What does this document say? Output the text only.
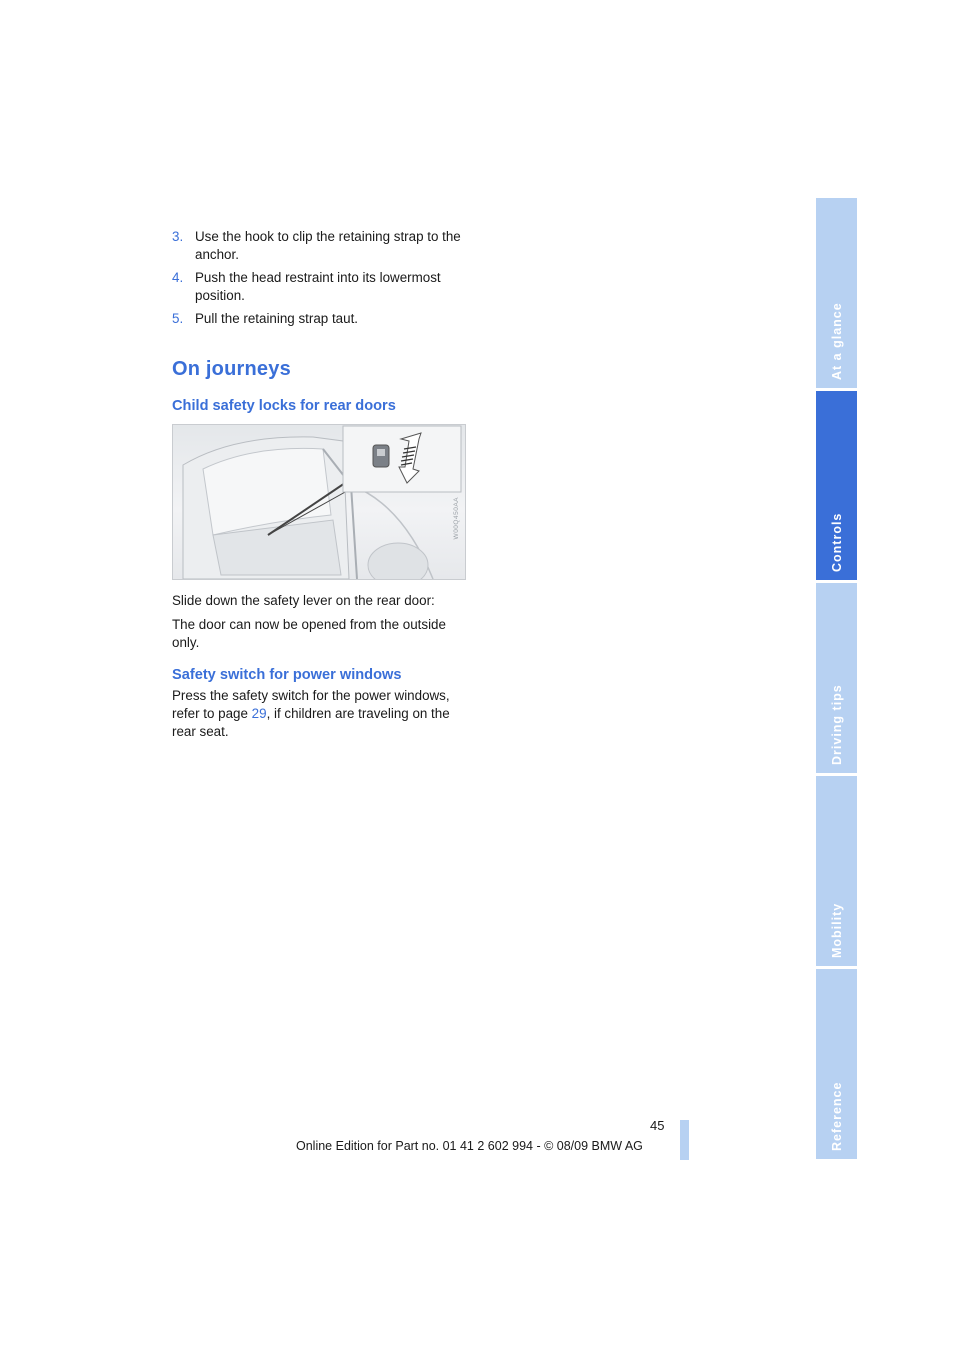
3. Use the hook to clip the retaining strap to the anchor.
4. Push the head restraint into its lowermost position.
5. Pull the retaining strap taut.
On journeys
Child safety locks for rear doors
W00Q450AA

Slide down the safety lever on the rear door:

The door can now be opened from the outside only.

Safety switch for power windows

Press the safety switch for the power windows, refer to page 29, if children are traveling on the rear seat.

At a glance
Controls
Driving tips
Mobility
Reference
45
Online Edition for Part no. 01 41 2 602 994 - © 08/09 BMW AG
